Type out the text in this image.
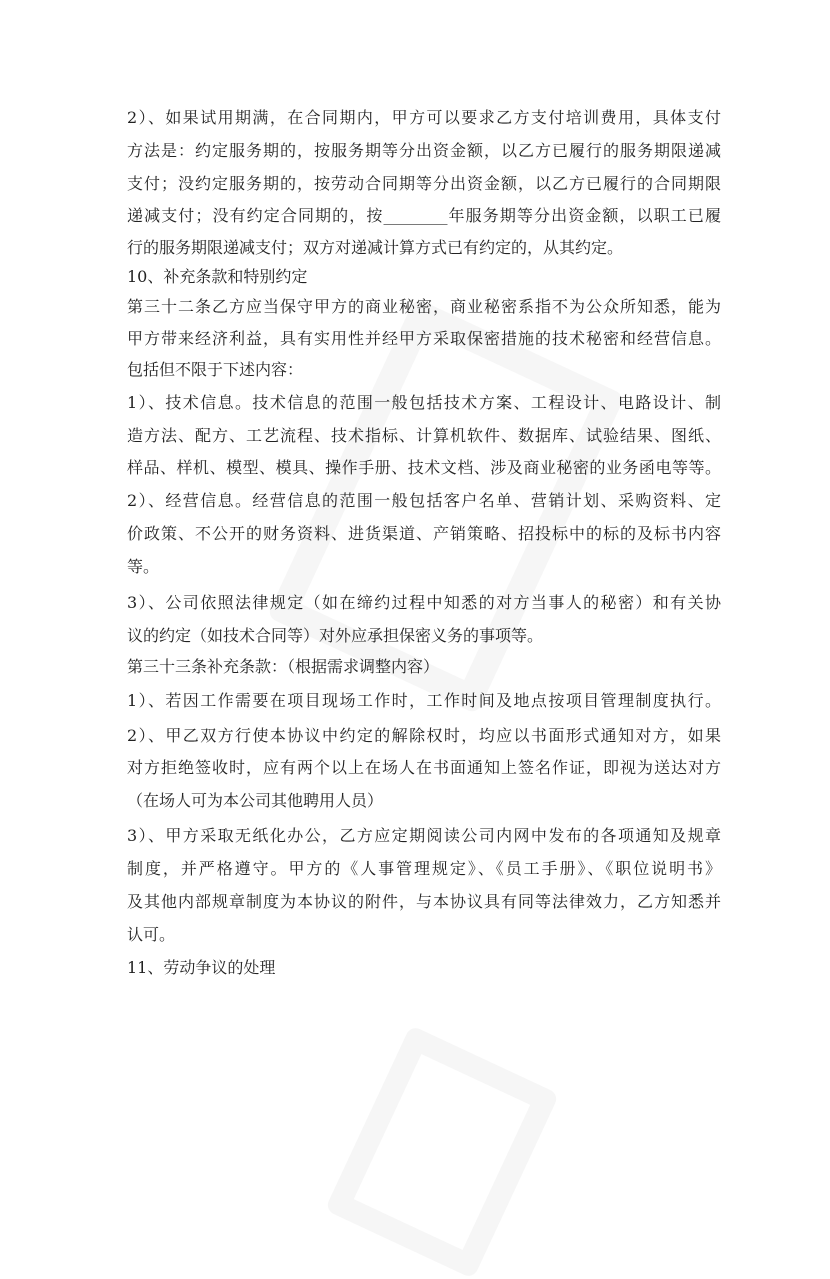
2）、如果试用期满，在合同期内，甲方可以要求乙方支付培训费用，具体支付
方法是：约定服务期的，按服务期等分出资金额，以乙方已履行的服务期限递减
支付；没约定服务期的，按劳动合同期等分出资金额，以乙方已履行的合同期限
递减支付；没有约定合同期的，按________年服务期等分出资金额，以职工已履
行的服务期限递减支付；双方对递减计算方式已有约定的，从其约定。
10、补充条款和特别约定
第三十二条乙方应当保守甲方的商业秘密，商业秘密系指不为公众所知悉，能为
甲方带来经济利益，具有实用性并经甲方采取保密措施的技术秘密和经营信息。
包括但不限于下述内容：
1）、技术信息。技术信息的范围一般包括技术方案、工程设计、电路设计、制
造方法、配方、工艺流程、技术指标、计算机软件、数据库、试验结果、图纸、
样品、样机、模型、模具、操作手册、技术文档、涉及商业秘密的业务函电等等。
2）、经营信息。经营信息的范围一般包括客户名单、营销计划、采购资料、定
价政策、不公开的财务资料、进货渠道、产销策略、招投标中的标的及标书内容
等。
3）、公司依照法律规定（如在缔约过程中知悉的对方当事人的秘密）和有关协
议的约定（如技术合同等）对外应承担保密义务的事项等。
第三十三条补充条款：（根据需求调整内容）
1）、若因工作需要在项目现场工作时，工作时间及地点按项目管理制度执行。
2）、甲乙双方行使本协议中约定的解除权时，均应以书面形式通知对方，如果
对方拒绝签收时，应有两个以上在场人在书面通知上签名作证，即视为送达对方
（在场人可为本公司其他聘用人员）
3）、甲方采取无纸化办公，乙方应定期阅读公司内网中发布的各项通知及规章
制度，并严格遵守。甲方的《人事管理规定》、《员工手册》、《职位说明书》
及其他内部规章制度为本协议的附件，与本协议具有同等法律效力，乙方知悉并
认可。
11、劳动争议的处理
